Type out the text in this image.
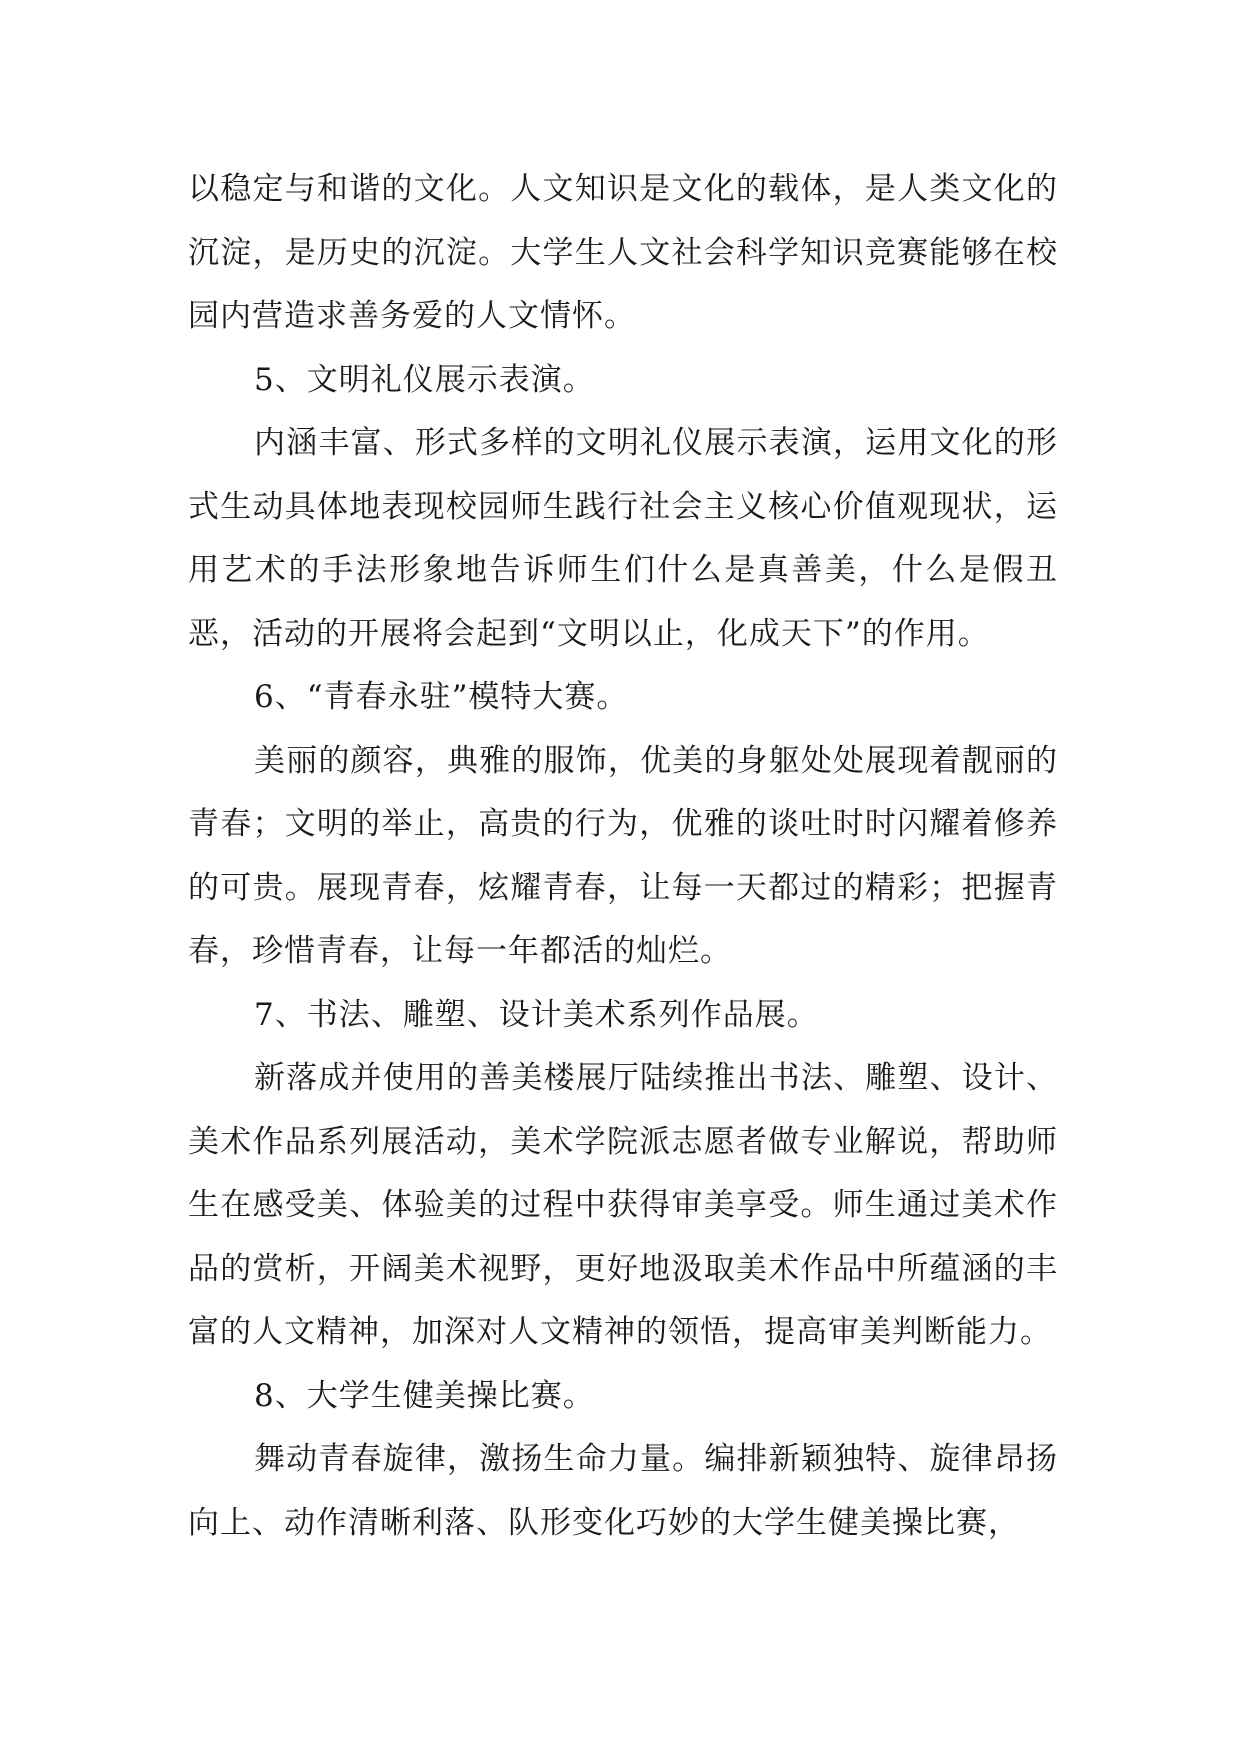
以稳定与和谐的文化。人文知识是文化的载体，是人类文化的沉淀，是历史的沉淀。大学生人文社会科学知识竞赛能够在校园内营造求善务爱的人文情怀。

5、文明礼仪展示表演。

内涵丰富、形式多样的文明礼仪展示表演，运用文化的形式生动具体地表现校园师生践行社会主义核心价值观现状，运用艺术的手法形象地告诉师生们什么是真善美，什么是假丑恶，活动的开展将会起到“文明以止，化成天下”的作用。

6、“青春永驻”模特大赛。

美丽的颜容，典雅的服饰，优美的身躯处处展现着靓丽的青春；文明的举止，高贵的行为，优雅的谈吐时时闪耀着修养的可贵。展现青春，炫耀青春，让每一天都过的精彩；把握青春，珍惜青春，让每一年都活的灿烂。

7、书法、雕塑、设计美术系列作品展。

新落成并使用的善美楼展厅陆续推出书法、雕塑、设计、美术作品系列展活动，美术学院派志愿者做专业解说，帮助师生在感受美、体验美的过程中获得审美享受。师生通过美术作品的赏析，开阔美术视野，更好地汲取美术作品中所蕴涵的丰富的人文精神，加深对人文精神的领悟，提高审美判断能力。

8、大学生健美操比赛。

舞动青春旋律，激扬生命力量。编排新颖独特、旋律昂扬向上、动作清晰利落、队形变化巧妙的大学生健美操比赛，
